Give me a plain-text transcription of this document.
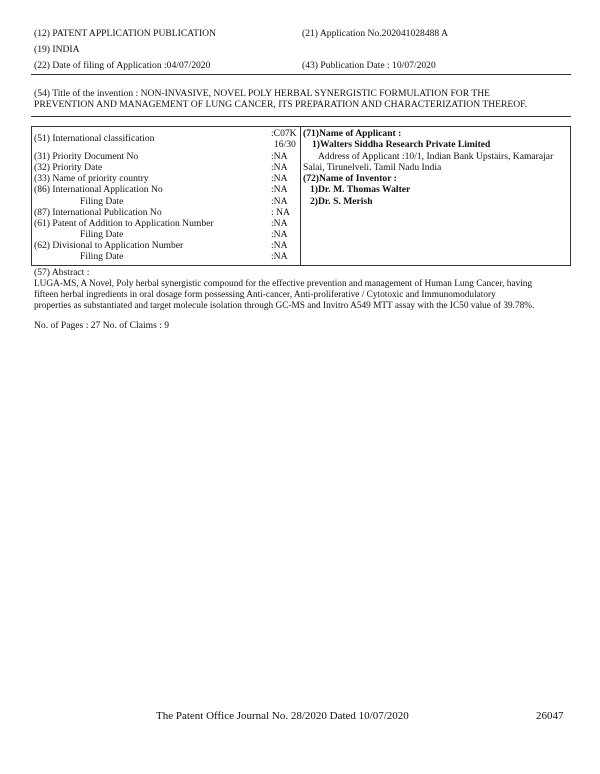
(12) PATENT APPLICATION PUBLICATION
(19) INDIA
(22) Date of filing of Application :04/07/2020
(21) Application No.202041028488 A
(43) Publication Date : 10/07/2020
(54) Title of the invention : NON-INVASIVE, NOVEL POLY HERBAL SYNERGISTIC FORMULATION FOR THE
PREVENTION AND MANAGEMENT OF LUNG CANCER, ITS PREPARATION AND CHARACTERIZATION THEREOF.
(51) International classification	:C07K
16/30
(31) Priority Document No	:NA
(32) Priority Date	:NA
(33) Name of priority country	:NA
(86) International Application No	:NA
Filing Date	:NA
(87) International Publication No	: NA
(61) Patent of Addition to Application Number	:NA
Filing Date	:NA
(62) Divisional to Application Number	:NA
Filing Date	:NA
(71)Name of Applicant :
1)Walters Siddha Research Private Limited
Address of Applicant :10/1, Indian Bank Upstairs, Kamarajar
Salai, Tirunelveli. Tamil Nadu India
(72)Name of Inventor :
1)Dr. M. Thomas Walter
2)Dr. S. Merish
(57) Abstract :
LUGA-MS, A Novel, Poly herbal synergistic compound for the effective prevention and management of Human Lung Cancer, having
fifteen herbal ingredients in oral dosage form possessing Anti-cancer, Anti-proliferative / Cytotoxic and Immunomodulatory
properties as substantiated and target molecule isolation through GC-MS and Invitro A549 MTT assay with the IC50 value of 39.78%.
No. of Pages : 27 No. of Claims : 9
The Patent Office Journal No. 28/2020 Dated 10/07/2020	26047
